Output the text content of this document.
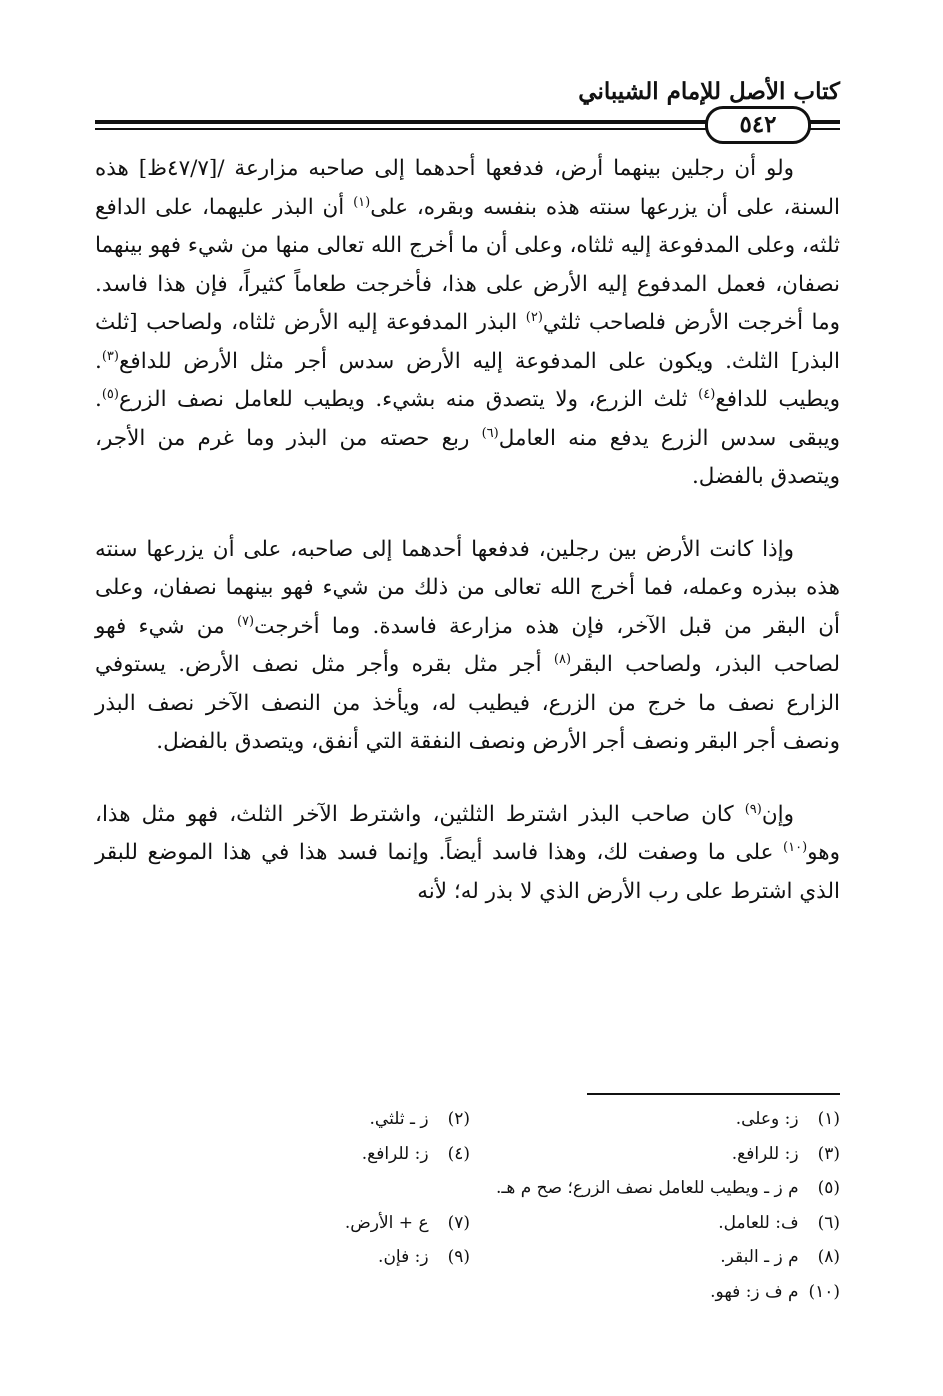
كتاب الأصل للإمام الشيباني
٥٤٢

ولو أن رجلين بينهما أرض، فدفعها أحدهما إلى صاحبه مزارعة /[٤٧/٧ظ] هذه السنة، على أن يزرعها سنته هذه بنفسه وبقره، على$^{(١)}$ أن البذر عليهما، على الدافع ثلثه، وعلى المدفوعة إليه ثلثاه، وعلى أن ما أخرج الله تعالى منها من شيء فهو بينهما نصفان، فعمل المدفوع إليه الأرض على هذا، فأخرجت طعاماً كثيراً، فإن هذا فاسد. وما أخرجت الأرض فلصاحب ثلثي$^{(٢)}$ البذر المدفوعة إليه الأرض ثلثاه، ولصاحب [ثلث البذر] الثلث. ويكون على المدفوعة إليه الأرض سدس أجر مثل الأرض للدافع$^{(٣)}$. ويطيب للدافع$^{(٤)}$ ثلث الزرع، ولا يتصدق منه بشيء. ويطيب للعامل نصف الزرع$^{(٥)}$. ويبقى سدس الزرع يدفع منه العامل$^{(٦)}$ ربع حصته من البذر وما غرم من الأجر، ويتصدق بالفضل.

وإذا كانت الأرض بين رجلين، فدفعها أحدهما إلى صاحبه، على أن يزرعها سنته هذه ببذره وعمله، فما أخرج الله تعالى من ذلك من شيء فهو بينهما نصفان، وعلى أن البقر من قبل الآخر، فإن هذه مزارعة فاسدة. وما أخرجت$^{(٧)}$ من شيء فهو لصاحب البذر، ولصاحب البقر$^{(٨)}$ أجر مثل بقره وأجر مثل نصف الأرض. يستوفي الزارع نصف ما خرج من الزرع، فيطيب له، ويأخذ من النصف الآخر نصف البذر ونصف أجر البقر ونصف أجر الأرض ونصف النفقة التي أنفق، ويتصدق بالفضل.

وإن$^{(٩)}$ كان صاحب البذر اشترط الثلثين، واشترط الآخر الثلث، فهو مثل هذا، وهو$^{(١٠)}$ على ما وصفت لك، وهذا فاسد أيضاً. وإنما فسد هذا في هذا الموضع للبقر الذي اشترط على رب الأرض الذي لا بذر له؛ لأنه

(١) ز: وعلى.
(٢) ز ـ ثلثي.
(٣) ز: للرافع.
(٤) ز: للرافع.
(٥) م ز ـ ويطيب للعامل نصف الزرع؛ صح م هـ.
(٦) ف: للعامل.
(٧) ع + الأرض.
(٨) م ز ـ البقر.
(٩) ز: فإن.
(١٠) م ف ز: فهو.
